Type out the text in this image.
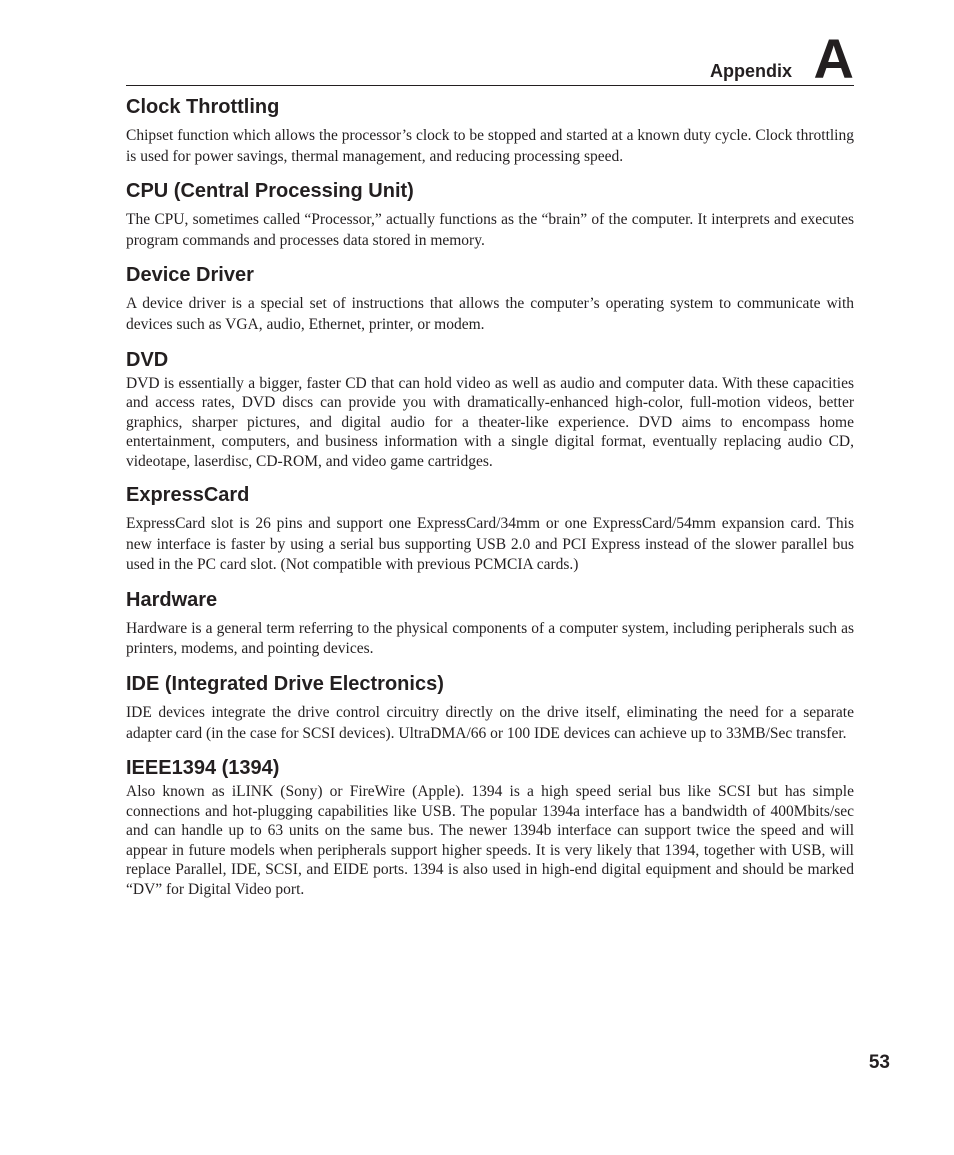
Appendix A
Clock Throttling

Chipset function which allows the processor’s clock to be stopped and started at a known duty cycle. Clock throttling is used for power savings, thermal management, and reducing processing speed.

CPU (Central Processing Unit)

The CPU, sometimes called “Processor,” actually functions as the “brain” of the computer. It interprets and executes program commands and processes data stored in memory.

Device Driver

A device driver is a special set of instructions that allows the computer’s operating system to communicate with devices such as VGA, audio, Ethernet, printer, or modem.

DVD

DVD is essentially a bigger, faster CD that can hold video as well as audio and computer data. With these capacities and access rates, DVD discs can provide you with dramatically-enhanced high-color, full-motion videos, better graphics, sharper pictures, and digital audio for a theater-like experience. DVD aims to encompass home entertainment, computers, and business information with a single digital format, eventually replacing audio CD, videotape, laserdisc, CD-ROM, and video game cartridges.

ExpressCard

ExpressCard slot is 26 pins and support one ExpressCard/34mm or one ExpressCard/54mm expansion card. This new interface is faster by using a serial bus supporting USB 2.0 and PCI Express instead of the slower parallel bus used in the PC card slot. (Not compatible with previous PCMCIA cards.)

Hardware

Hardware is a general term referring to the physical components of a computer system, including peripherals such as printers, modems, and pointing devices.

IDE (Integrated Drive Electronics)

IDE devices integrate the drive control circuitry directly on the drive itself, eliminating the need for a separate adapter card (in the case for SCSI devices). UltraDMA/66 or 100 IDE devices can achieve up to 33MB/Sec transfer.

IEEE1394 (1394)

Also known as iLINK (Sony) or FireWire (Apple). 1394 is a high speed serial bus like SCSI but has simple connections and hot-plugging capabilities like USB. The popular 1394a interface has a bandwidth of 400Mbits/sec and can handle up to 63 units on the same bus. The newer 1394b interface can support twice the speed and will appear in future models when peripherals support higher speeds. It is very likely that 1394, together with USB, will replace Parallel, IDE, SCSI, and EIDE ports. 1394 is also used in high-end digital equipment and should be marked “DV” for Digital Video port.

53
